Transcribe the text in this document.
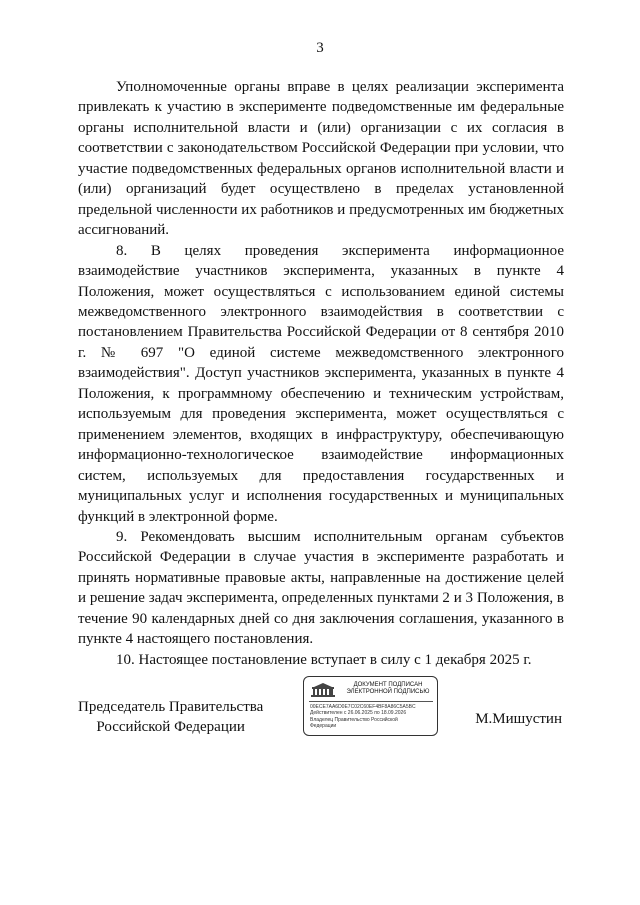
3

Уполномоченные органы вправе в целях реализации эксперимента привлекать к участию в эксперименте подведомственные им федеральные органы исполнительной власти и (или) организации с их согласия в соответствии с законодательством Российской Федерации при условии, что участие подведомственных федеральных органов исполнительной власти и (или) организаций будет осуществлено в пределах установленной предельной численности их работников и предусмотренных им бюджетных ассигнований.

8. В целях проведения эксперимента информационное взаимодействие участников эксперимента, указанных в пункте 4 Положения, может осуществляться с использованием единой системы межведомственного электронного взаимодействия в соответствии с постановлением Правительства Российской Федерации от 8 сентября 2010 г. № 697 "О единой системе межведомственного электронного взаимодействия". Доступ участников эксперимента, указанных в пункте 4 Положения, к программному обеспечению и техническим устройствам, используемым для проведения эксперимента, может осуществляться с применением элементов, входящих в инфраструктуру, обеспечивающую информационно-технологическое взаимодействие информационных систем, используемых для предоставления государственных и муниципальных услуг и исполнения государственных и муниципальных функций в электронной форме.

9. Рекомендовать высшим исполнительным органам субъектов Российской Федерации в случае участия в эксперименте разработать и принять нормативные правовые акты, направленные на достижение целей и решение задач эксперимента, определенных пунктами 2 и 3 Положения, в течение 90 календарных дней со дня заключения соглашения, указанного в пункте 4 настоящего постановления.

10. Настоящее постановление вступает в силу с 1 декабря 2025 г.

Председатель Правительства
Российской Федерации
ДОКУМЕНТ ПОДПИСАН
ЭЛЕКТРОННОЙ ПОДПИСЬЮ
00ECE7AA6D0E7C02C60EF4BF8A86C5A5BC
Действителен с 26.06.2025 по 18.09.2026
Владелец Правительство Российской
Федерации	М.Мишустин
